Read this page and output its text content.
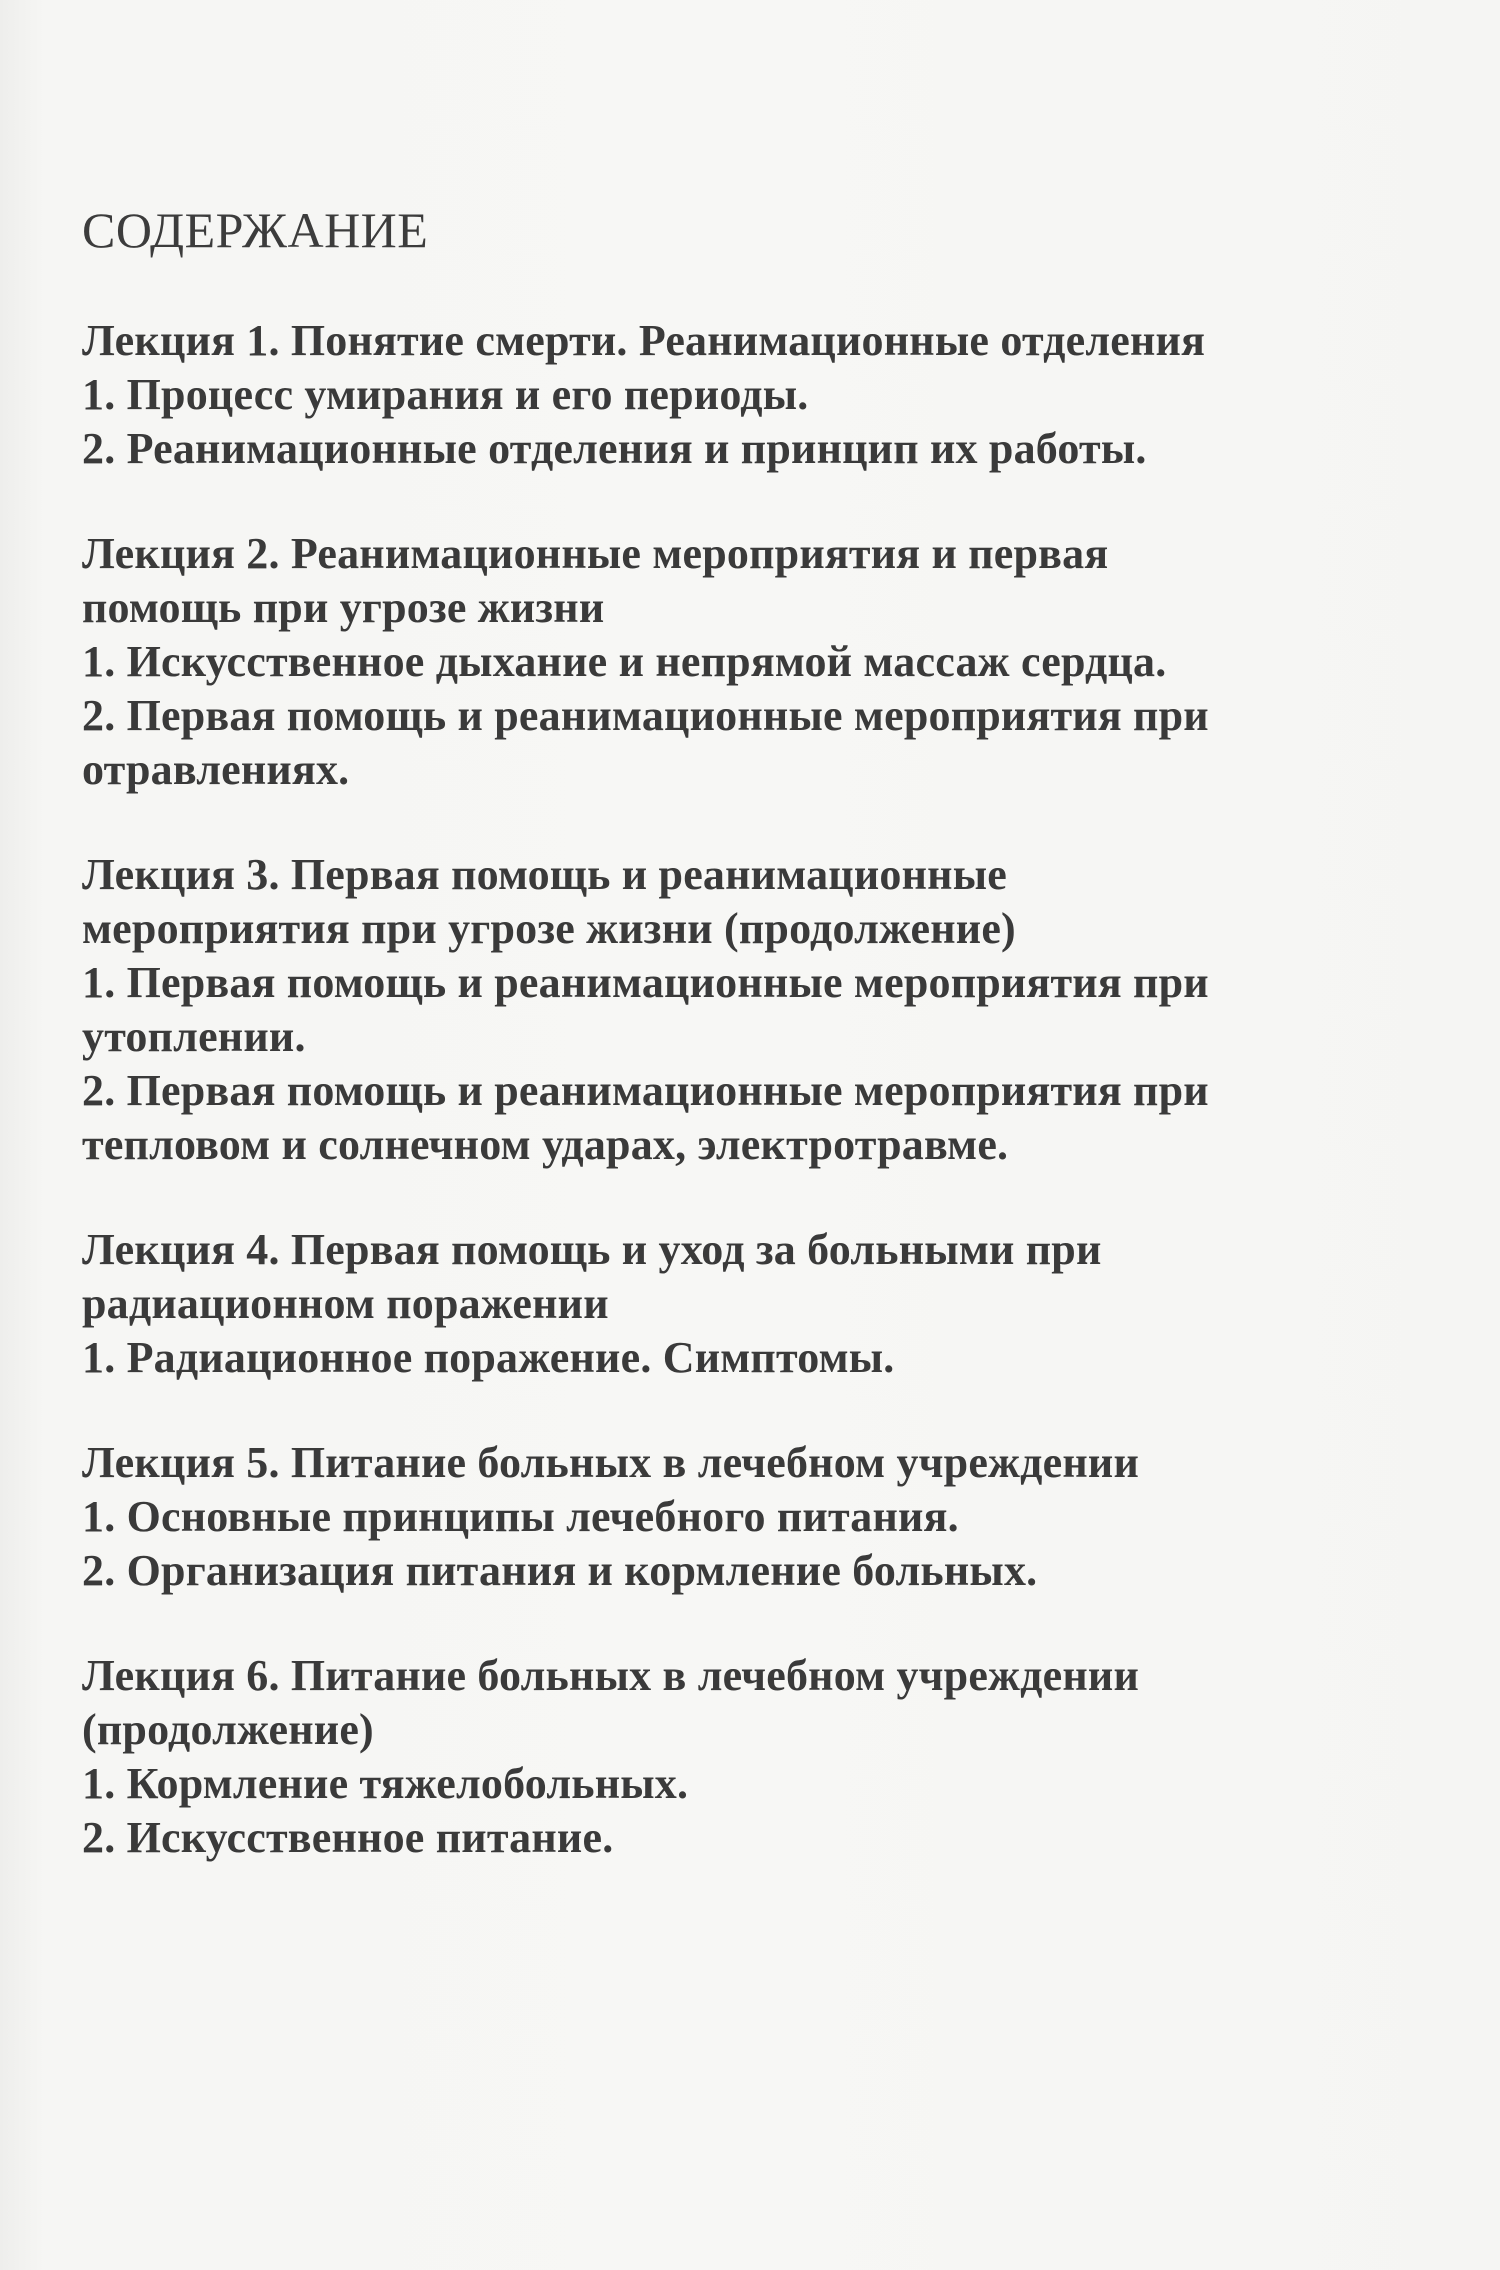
СОДЕРЖАНИЕ
Лекция 1. Понятие смерти. Реанимационные отделения
1. Процесс умирания и его периоды.
2. Реанимационные отделения и принцип их работы.
Лекция 2. Реанимационные мероприятия и первая
помощь при угрозе жизни
1. Искусственное дыхание и непрямой массаж сердца.
2. Первая помощь и реанимационные мероприятия при
отравлениях.
Лекция 3. Первая помощь и реанимационные
мероприятия при угрозе жизни (продолжение)
1. Первая помощь и реанимационные мероприятия при
утоплении.
2. Первая помощь и реанимационные мероприятия при
тепловом и солнечном ударах, электротравме.
Лекция 4. Первая помощь и уход за больными при
радиационном поражении
1. Радиационное поражение. Симптомы.
Лекция 5. Питание больных в лечебном учреждении
1. Основные принципы лечебного питания.
2. Организация питания и кормление больных.
Лекция 6. Питание больных в лечебном учреждении
(продолжение)
1. Кормление тяжелобольных.
2. Искусственное питание.
